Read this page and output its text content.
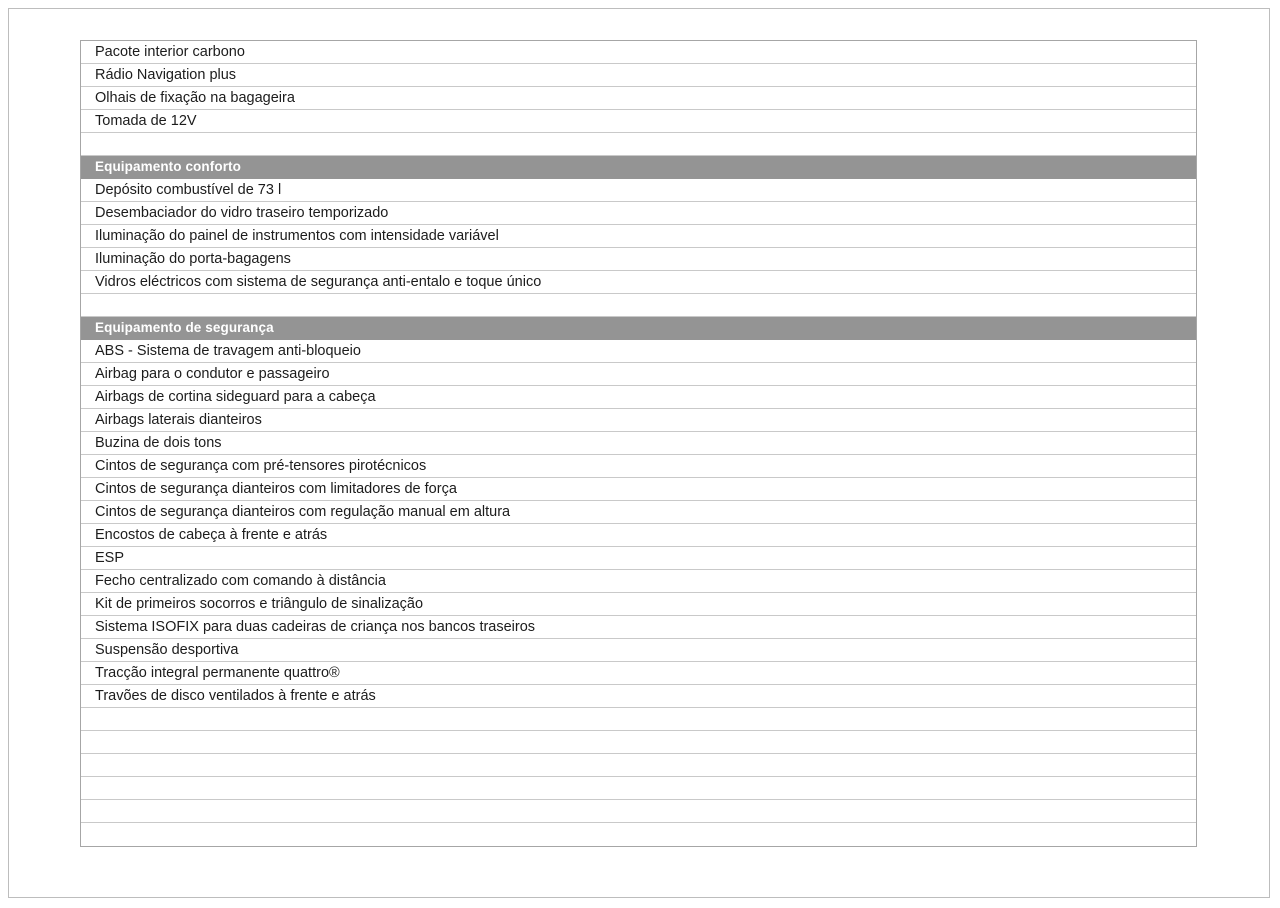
Pacote interior carbono
Rádio Navigation plus
Olhais de fixação na bagageira
Tomada de 12V
Equipamento conforto
Depósito combustível de 73 l
Desembaciador do vidro traseiro temporizado
Iluminação do painel de instrumentos com intensidade variável
Iluminação do porta-bagagens
Vidros eléctricos com sistema de segurança anti-entalo e toque único
Equipamento de segurança
ABS - Sistema de travagem anti-bloqueio
Airbag para o condutor e passageiro
Airbags de cortina sideguard para a cabeça
Airbags laterais dianteiros
Buzina de dois tons
Cintos de segurança com pré-tensores pirotécnicos
Cintos de segurança dianteiros com limitadores de força
Cintos de segurança dianteiros com regulação manual em altura
Encostos de cabeça à frente e atrás
ESP
Fecho centralizado com comando à distância
Kit de primeiros socorros e triângulo de sinalização
Sistema ISOFIX para duas cadeiras de criança nos bancos traseiros
Suspensão desportiva
Tracção integral permanente quattro®
Travões de disco ventilados à frente e atrás
